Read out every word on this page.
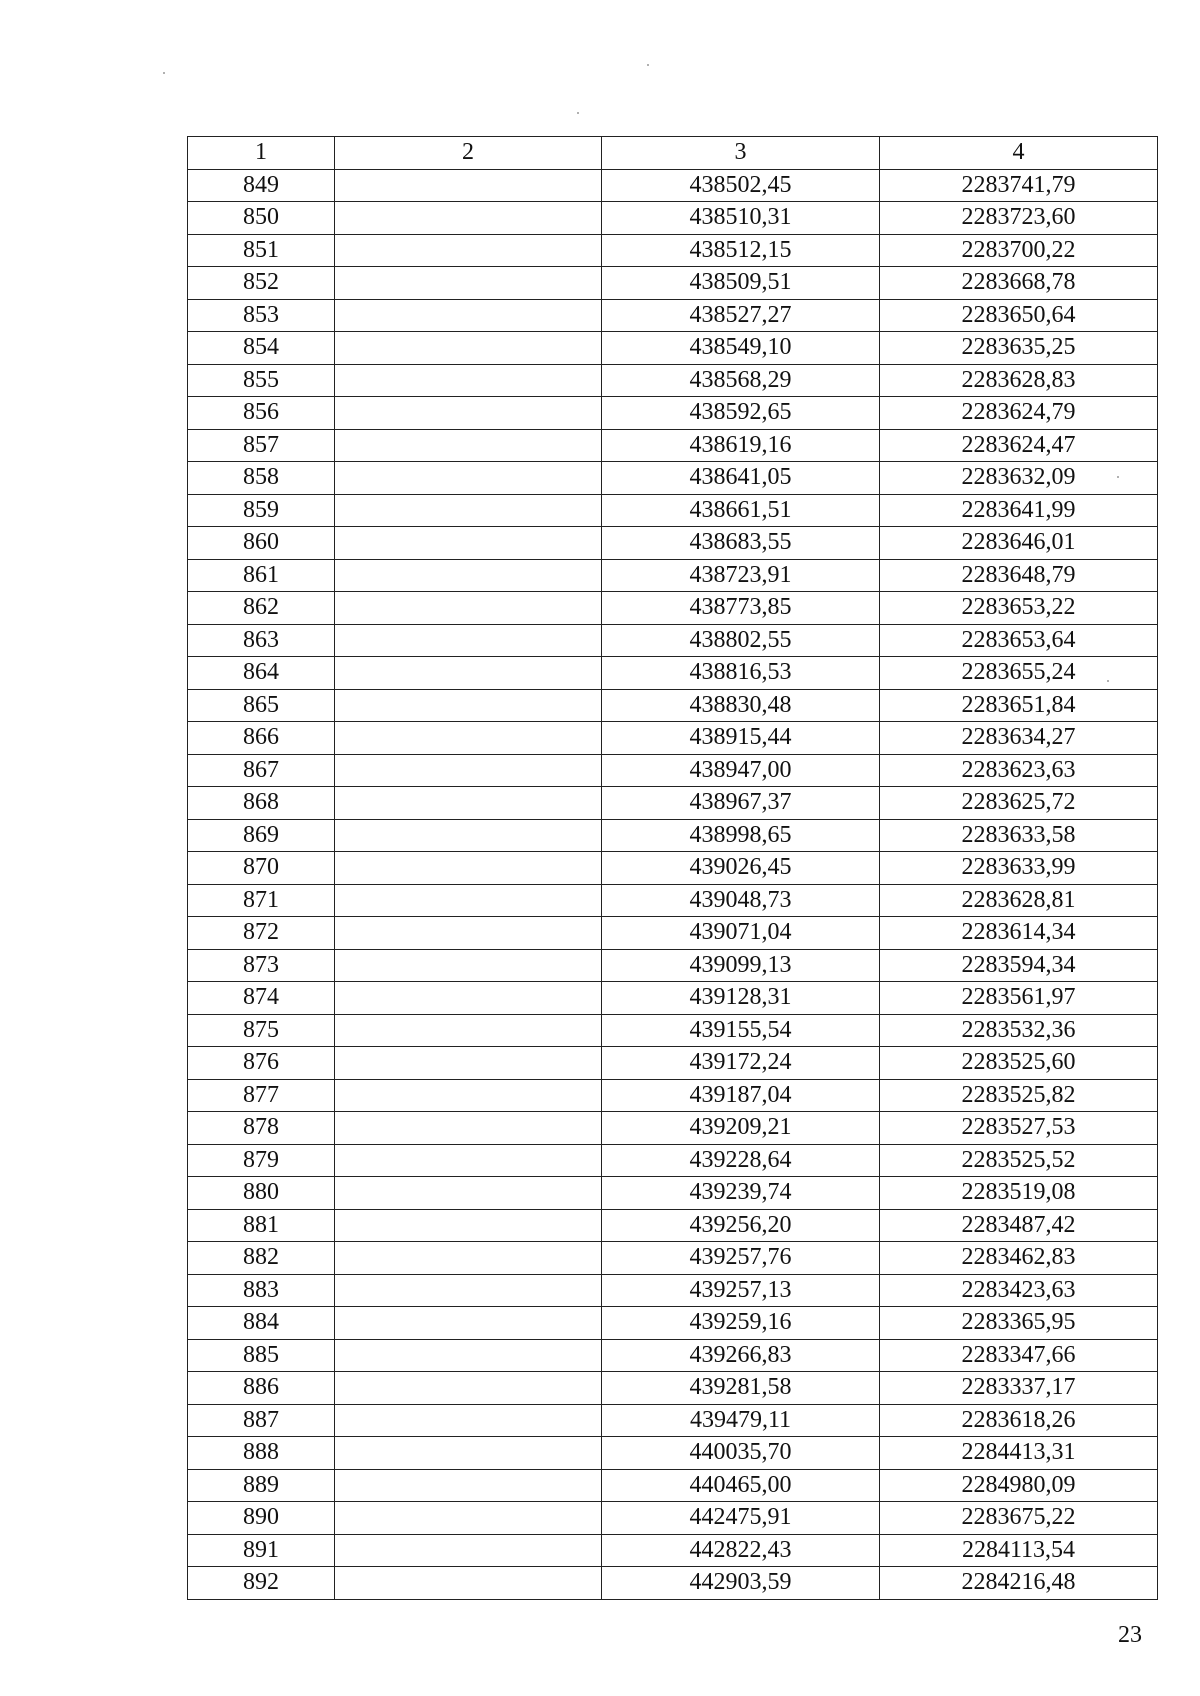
1	2	3	4
849		438502,45	2283741,79
850		438510,31	2283723,60
851		438512,15	2283700,22
852		438509,51	2283668,78
853		438527,27	2283650,64
854		438549,10	2283635,25
855		438568,29	2283628,83
856		438592,65	2283624,79
857		438619,16	2283624,47
858		438641,05	2283632,09
859		438661,51	2283641,99
860		438683,55	2283646,01
861		438723,91	2283648,79
862		438773,85	2283653,22
863		438802,55	2283653,64
864		438816,53	2283655,24
865		438830,48	2283651,84
866		438915,44	2283634,27
867		438947,00	2283623,63
868		438967,37	2283625,72
869		438998,65	2283633,58
870		439026,45	2283633,99
871		439048,73	2283628,81
872		439071,04	2283614,34
873		439099,13	2283594,34
874		439128,31	2283561,97
875		439155,54	2283532,36
876		439172,24	2283525,60
877		439187,04	2283525,82
878		439209,21	2283527,53
879		439228,64	2283525,52
880		439239,74	2283519,08
881		439256,20	2283487,42
882		439257,76	2283462,83
883		439257,13	2283423,63
884		439259,16	2283365,95
885		439266,83	2283347,66
886		439281,58	2283337,17
887		439479,11	2283618,26
888		440035,70	2284413,31
889		440465,00	2284980,09
890		442475,91	2283675,22
891		442822,43	2284113,54
892		442903,59	2284216,48
23
